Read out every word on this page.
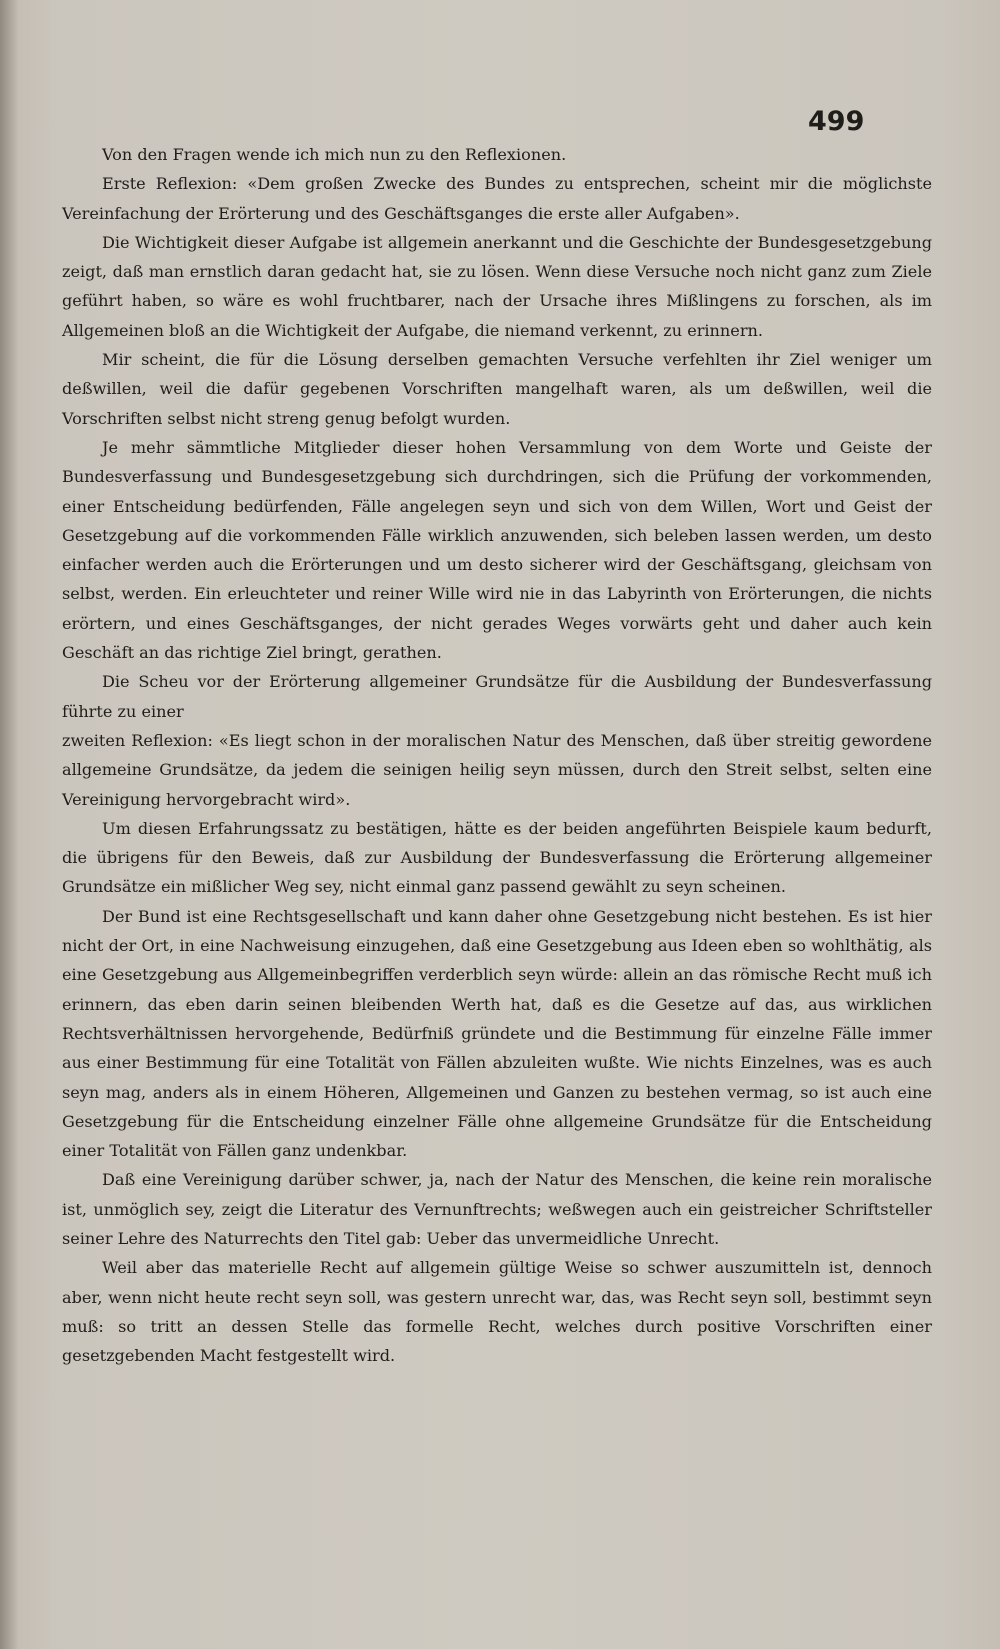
499

Von den Fragen wende ich mich nun zu den Reflexionen.

Erste Reflexion: «Dem großen Zwecke des Bundes zu entsprechen, scheint mir die möglichste Vereinfachung der Erörterung und des Geschäftsganges die erste aller Aufgaben».

Die Wichtigkeit dieser Aufgabe ist allgemein anerkannt und die Geschichte der Bundesgesetzgebung zeigt, daß man ernstlich daran gedacht hat, sie zu lösen. Wenn diese Versuche noch nicht ganz zum Ziele geführt haben, so wäre es wohl fruchtbarer, nach der Ursache ihres Mißlingens zu forschen, als im Allgemeinen bloß an die Wichtigkeit der Aufgabe, die niemand verkennt, zu erinnern.

Mir scheint, die für die Lösung derselben gemachten Versuche verfehlten ihr Ziel weniger um deßwillen, weil die dafür gegebenen Vorschriften mangelhaft waren, als um deßwillen, weil die Vorschriften selbst nicht streng genug befolgt wurden.

Je mehr sämmtliche Mitglieder dieser hohen Versammlung von dem Worte und Geiste der Bundesverfassung und Bundesgesetzgebung sich durchdringen, sich die Prüfung der vorkommenden, einer Entscheidung bedürfenden, Fälle angelegen seyn und sich von dem Willen, Wort und Geist der Gesetzgebung auf die vorkommenden Fälle wirklich anzuwenden, sich beleben lassen werden, um desto einfacher werden auch die Erörterungen und um desto sicherer wird der Geschäftsgang, gleichsam von selbst, werden. Ein erleuchteter und reiner Wille wird nie in das Labyrinth von Erörterungen, die nichts erörtern, und eines Geschäftsganges, der nicht gerades Weges vorwärts geht und daher auch kein Geschäft an das richtige Ziel bringt, gerathen.

Die Scheu vor der Erörterung allgemeiner Grundsätze für die Ausbildung der Bundesverfassung führte zu einer

zweiten Reflexion: «Es liegt schon in der moralischen Natur des Menschen, daß über streitig gewordene allgemeine Grundsätze, da jedem die seinigen heilig seyn müssen, durch den Streit selbst, selten eine Vereinigung hervorgebracht wird».

Um diesen Erfahrungssatz zu bestätigen, hätte es der beiden angeführten Beispiele kaum bedurft, die übrigens für den Beweis, daß zur Ausbildung der Bundesverfassung die Erörterung allgemeiner Grundsätze ein mißlicher Weg sey, nicht einmal ganz passend gewählt zu seyn scheinen.

Der Bund ist eine Rechtsgesellschaft und kann daher ohne Gesetzgebung nicht bestehen. Es ist hier nicht der Ort, in eine Nachweisung einzugehen, daß eine Gesetzgebung aus Ideen eben so wohlthätig, als eine Gesetzgebung aus Allgemeinbegriffen verderblich seyn würde: allein an das römische Recht muß ich erinnern, das eben darin seinen bleibenden Werth hat, daß es die Gesetze auf das, aus wirklichen Rechtsverhältnissen hervorgehende, Bedürfniß gründete und die Bestimmung für einzelne Fälle immer aus einer Bestimmung für eine Totalität von Fällen abzuleiten wußte. Wie nichts Einzelnes, was es auch seyn mag, anders als in einem Höheren, Allgemeinen und Ganzen zu bestehen vermag, so ist auch eine Gesetzgebung für die Entscheidung einzelner Fälle ohne allgemeine Grundsätze für die Entscheidung einer Totalität von Fällen ganz undenkbar.

Daß eine Vereinigung darüber schwer, ja, nach der Natur des Menschen, die keine rein moralische ist, unmöglich sey, zeigt die Literatur des Vernunftrechts; weßwegen auch ein geistreicher Schriftsteller seiner Lehre des Naturrechts den Titel gab: Ueber das unvermeidliche Unrecht.

Weil aber das materielle Recht auf allgemein gültige Weise so schwer auszumitteln ist, dennoch aber, wenn nicht heute recht seyn soll, was gestern unrecht war, das, was Recht seyn soll, bestimmt seyn muß: so tritt an dessen Stelle das formelle Recht, welches durch positive Vorschriften einer gesetzgebenden Macht festgestellt wird.
